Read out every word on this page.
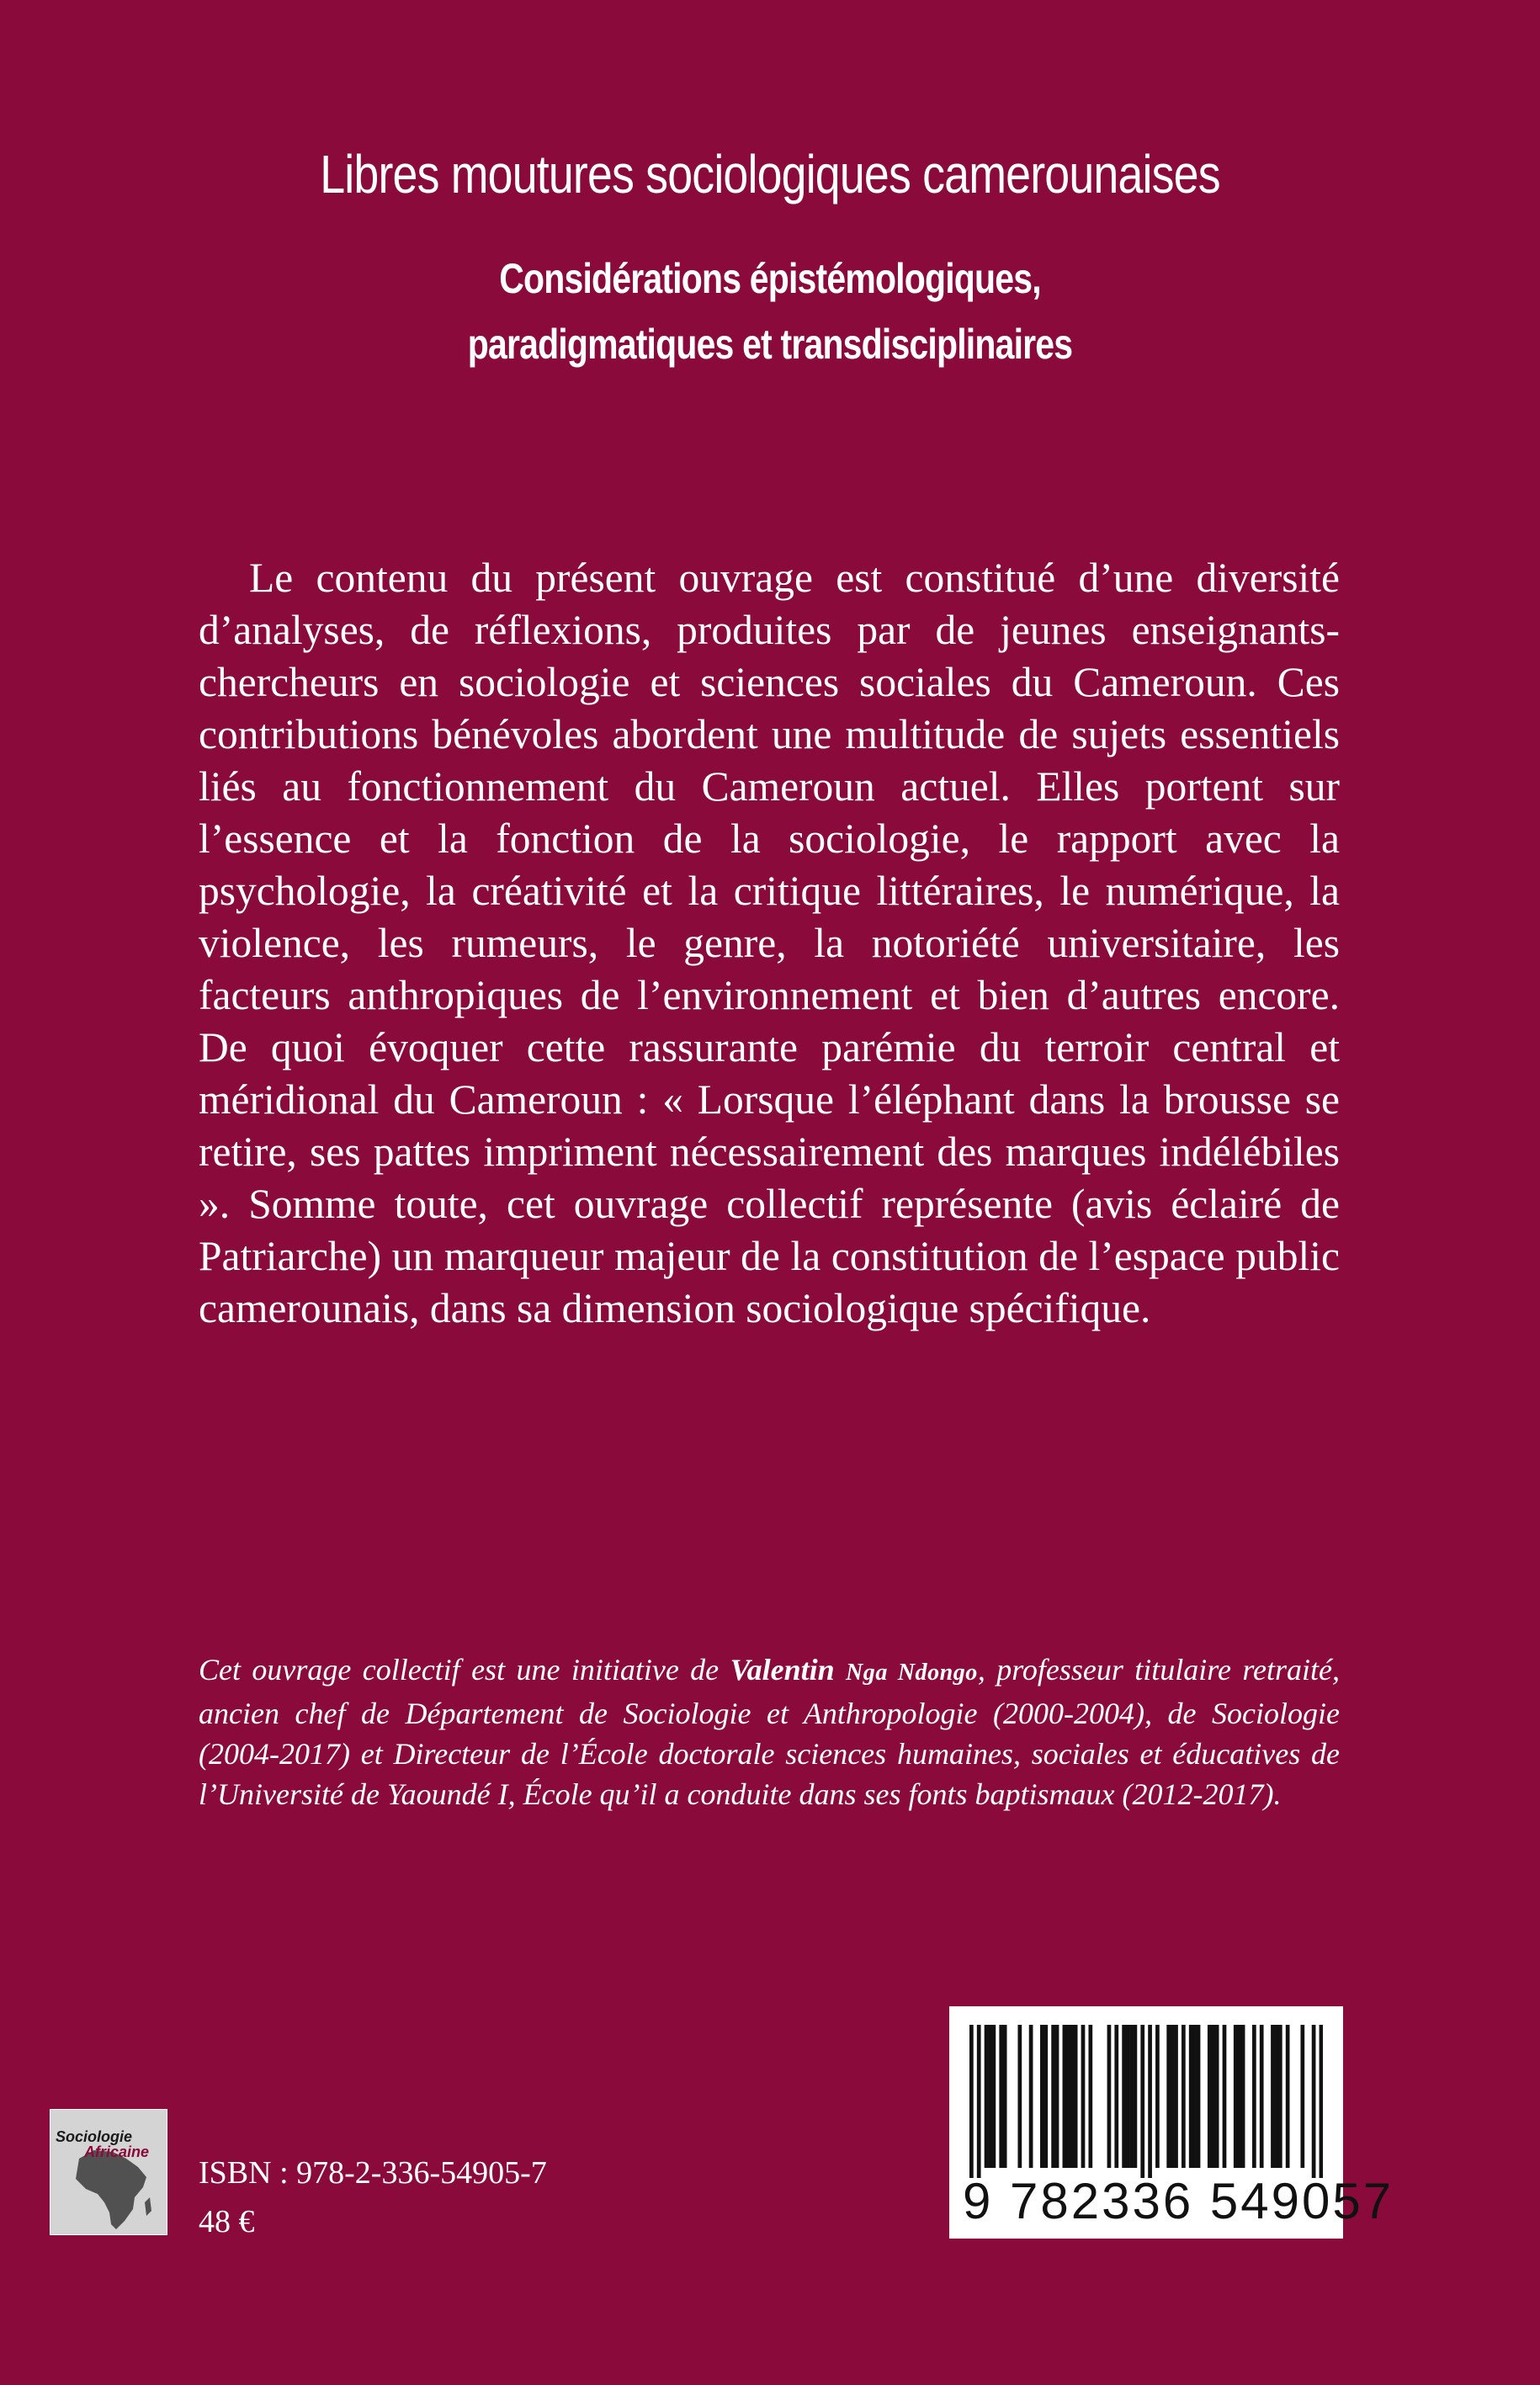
Libres moutures sociologiques camerounaises
Considérations épistémologiques,
paradigmatiques et transdisciplinaires

Le contenu du présent ouvrage est constitué d’une diversité d’analyses, de réflexions, produites par de jeunes enseignants-chercheurs en sociologie et sciences sociales du Cameroun. Ces contributions bénévoles abordent une multitude de sujets essentiels liés au fonctionnement du Cameroun actuel. Elles portent sur l’essence et la fonction de la sociologie, le rapport avec la psychologie, la créativité et la critique littéraires, le numérique, la violence, les rumeurs, le genre, la notoriété universitaire, les facteurs anthropiques de l’environnement et bien d’autres encore. De quoi évoquer cette rassurante parémie du terroir central et méridional du Cameroun : « Lorsque l’éléphant dans la brousse se retire, ses pattes impriment nécessairement des marques indélébiles ». Somme toute, cet ouvrage collectif représente (avis éclairé de Patriarche) un marqueur majeur de la constitution de l’espace public camerounais, dans sa dimension sociologique spécifique.

Cet ouvrage collectif est une initiative de Valentin Nga Ndongo, professeur titulaire retraité, ancien chef de Département de Sociologie et Anthropologie (2000-2004), de Sociologie (2004-2017) et Directeur de l’École doctorale sciences humaines, sociales et éducatives de l’Université de Yaoundé I, École qu’il a conduite dans ses fonts baptismaux (2012-2017).

Sociologie
Africaine
ISBN : 978-2-336-54905-7
48 €	9 782336 549057
